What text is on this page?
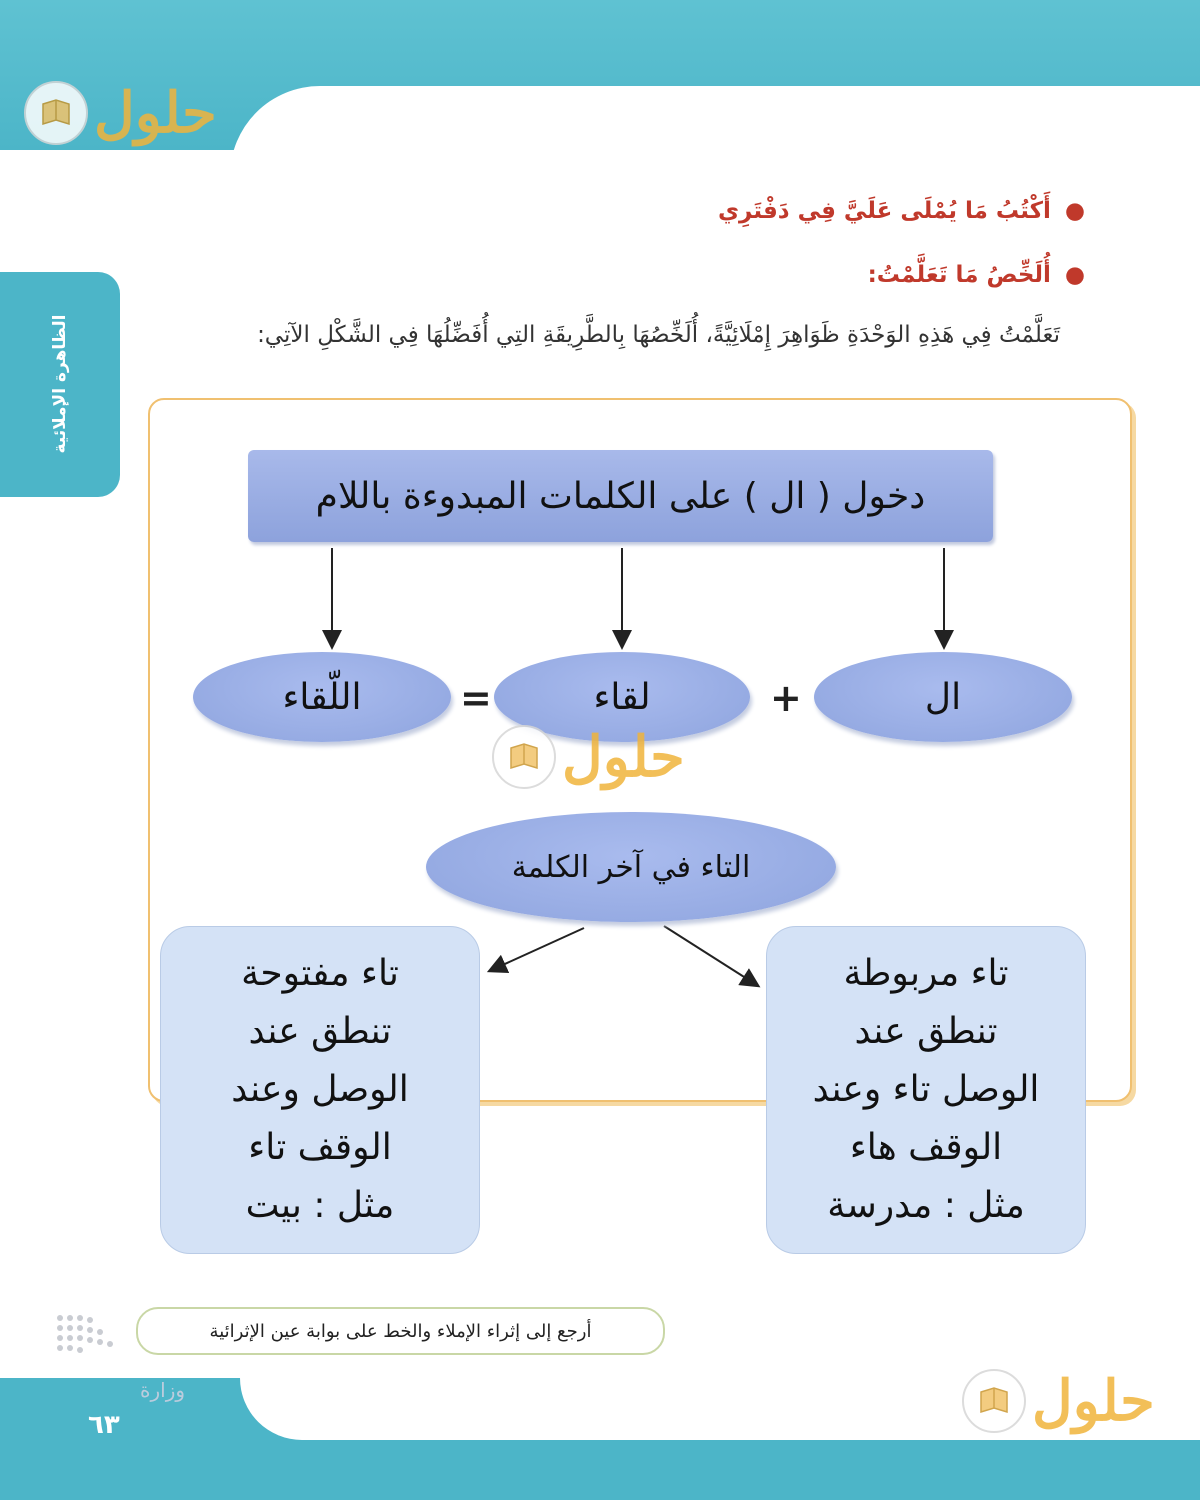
حلول
الظاهرة الإملائية
●أَكْتُبُ مَا يُمْلَى عَلَيَّ فِي دَفْتَرِي
●أُلَخِّصُ مَا تَعَلَّمْتُ:
تَعَلَّمْتُ فِي هَذِهِ الوَحْدَةِ ظَوَاهِرَ إِمْلَائِيَّةً، أُلَخِّصُهَا بِالطَّرِيقَةِ التِي أُفَضِّلُهَا فِي الشَّكْلِ الآتِي:
دخول ( ال ) على الكلمات المبدوءة باللام
ال
+
لقاء
=
اللّقاء
حلول
التاء في آخر الكلمة
تاء مربوطة
تنطق عند
الوصل تاء وعند
الوقف هاء
مثل : مدرسة
تاء مفتوحة
تنطق عند
الوصل وعند
الوقف تاء
مثل : بيت
أرجع إلى إثراء الإملاء والخط على بوابة عين الإثرائية
وزارة
٦٣	حلول
